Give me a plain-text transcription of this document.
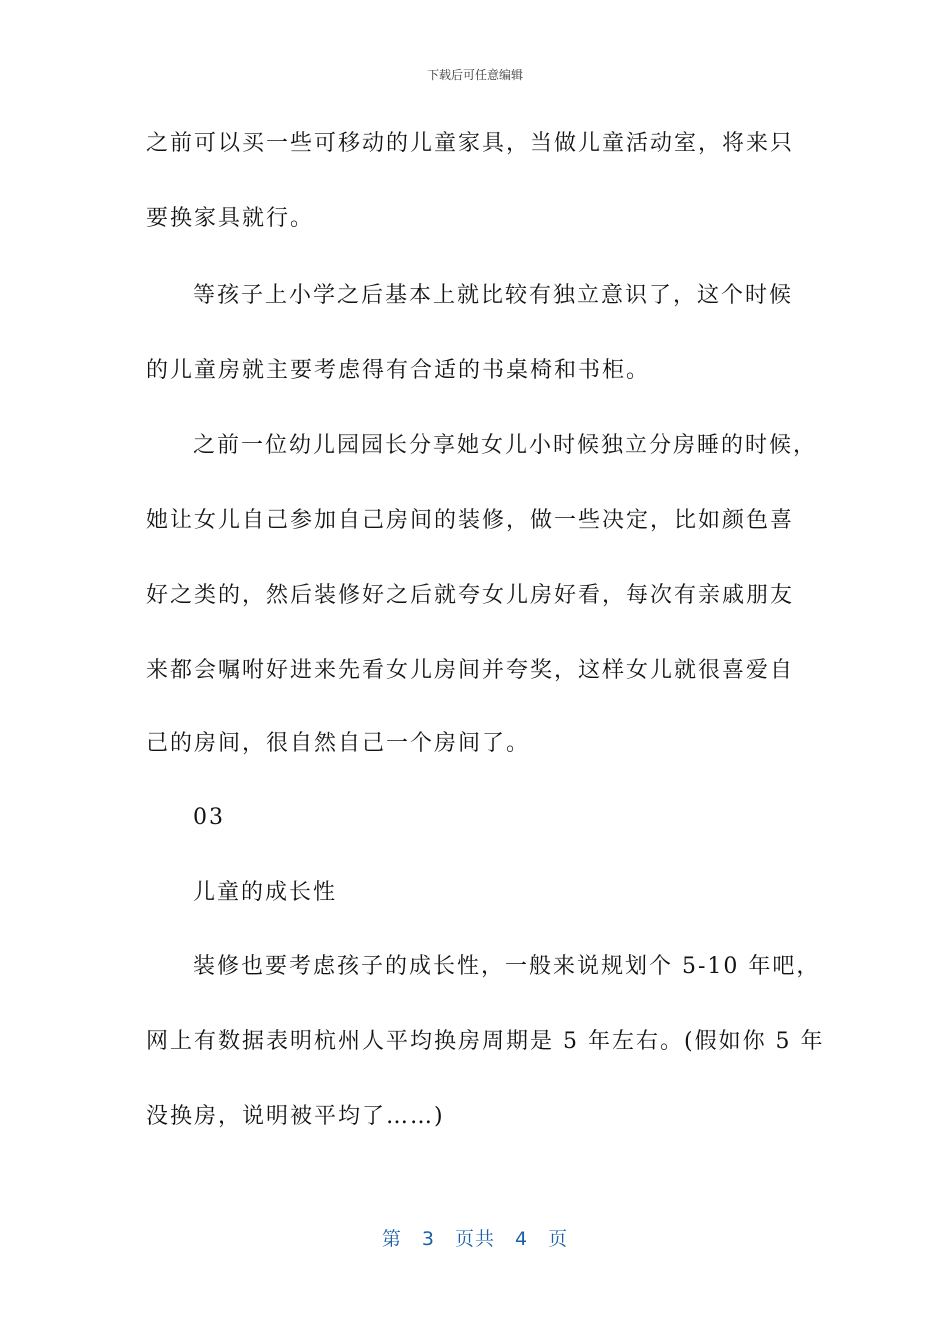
下载后可任意编辑
之前可以买一些可移动的儿童家具，当做儿童活动室，将来只
要换家具就行。
等孩子上小学之后基本上就比较有独立意识了，这个时候
的儿童房就主要考虑得有合适的书桌椅和书柜。
之前一位幼儿园园长分享她女儿小时候独立分房睡的时候，
她让女儿自己参加自己房间的装修，做一些决定，比如颜色喜
好之类的，然后装修好之后就夸女儿房好看，每次有亲戚朋友
来都会嘱咐好进来先看女儿房间并夸奖，这样女儿就很喜爱自
己的房间，很自然自己一个房间了。
03
儿童的成长性
装修也要考虑孩子的成长性，一般来说规划个 5-10 年吧，
网上有数据表明杭州人平均换房周期是 5 年左右。(假如你 5 年
没换房，说明被平均了……)
第 3 页共 4 页
